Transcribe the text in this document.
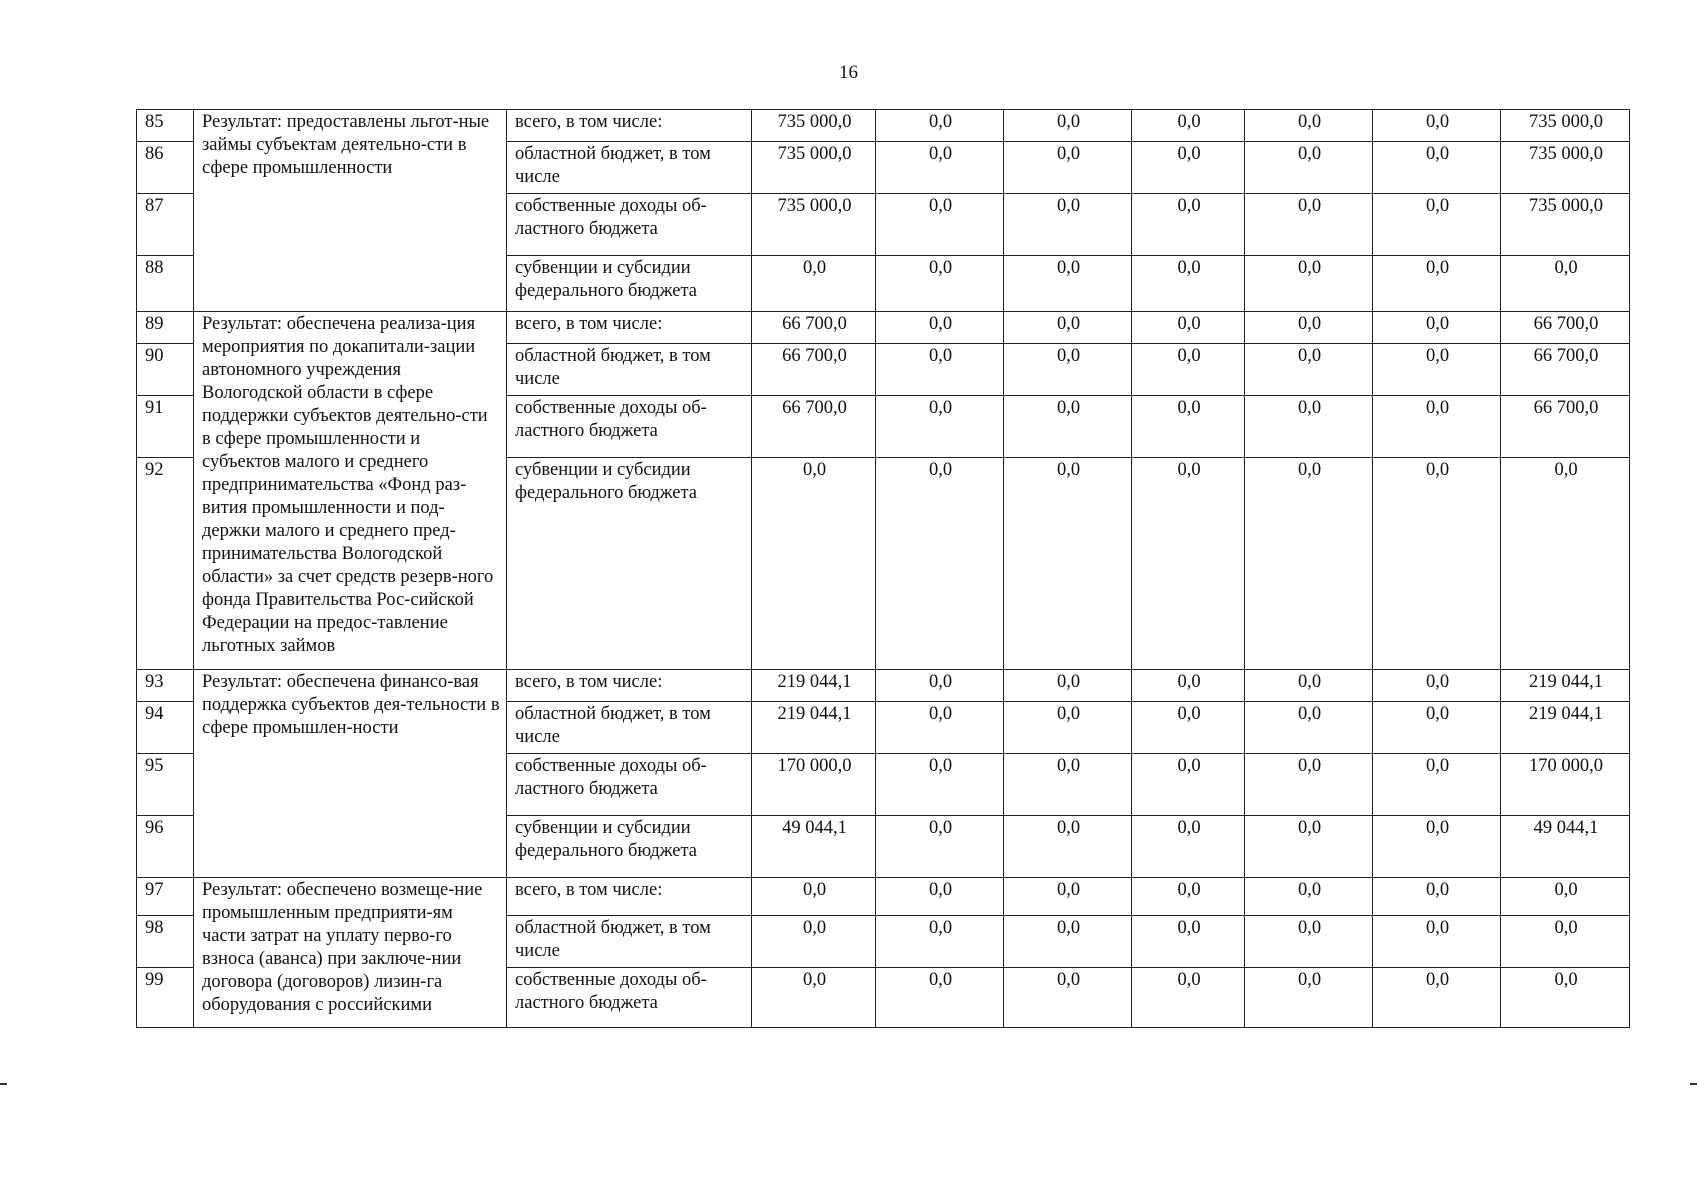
16
85	Результат: предоставлены льгот-ные займы субъектам деятельно-сти в сфере промышленности	всего, в том числе:	735 000,0	0,0	0,0	0,0	0,0	0,0	735 000,0
86		областной бюджет, в том числе	735 000,0	0,0	0,0	0,0	0,0	0,0	735 000,0
87		собственные доходы об-ластного бюджета	735 000,0	0,0	0,0	0,0	0,0	0,0	735 000,0
88		субвенции и субсидии федерального бюджета	0,0	0,0	0,0	0,0	0,0	0,0	0,0
89	Результат: обеспечена реализа-ция мероприятия по докапитали-зации автономного учреждения Вологодской области в сфере поддержки субъектов деятельно-сти в сфере промышленности и субъектов малого и среднего предпринимательства «Фонд раз-вития промышленности и под-держки малого и среднего пред-принимательства Вологодской области» за счет средств резерв-ного фонда Правительства Рос-сийской Федерации на предос-тавление льготных займов	всего, в том числе:	66 700,0	0,0	0,0	0,0	0,0	0,0	66 700,0
90		областной бюджет, в том числе	66 700,0	0,0	0,0	0,0	0,0	0,0	66 700,0
91		собственные доходы об-ластного бюджета	66 700,0	0,0	0,0	0,0	0,0	0,0	66 700,0
92		субвенции и субсидии федерального бюджета	0,0	0,0	0,0	0,0	0,0	0,0	0,0
93	Результат: обеспечена финансо-вая поддержка субъектов дея-тельности в сфере промышлен-ности	всего, в том числе:	219 044,1	0,0	0,0	0,0	0,0	0,0	219 044,1
94		областной бюджет, в том числе	219 044,1	0,0	0,0	0,0	0,0	0,0	219 044,1
95		собственные доходы об-ластного бюджета	170 000,0	0,0	0,0	0,0	0,0	0,0	170 000,0
96		субвенции и субсидии федерального бюджета	49 044,1	0,0	0,0	0,0	0,0	0,0	49 044,1
97	Результат: обеспечено возмеще-ние промышленным предприяти-ям части затрат на уплату перво-го взноса (аванса) при заключе-нии договора (договоров) лизин-га оборудования с российскими	всего, в том числе:	0,0	0,0	0,0	0,0	0,0	0,0	0,0
98		областной бюджет, в том числе	0,0	0,0	0,0	0,0	0,0	0,0	0,0
99		собственные доходы об-ластного бюджета	0,0	0,0	0,0	0,0	0,0	0,0	0,0
